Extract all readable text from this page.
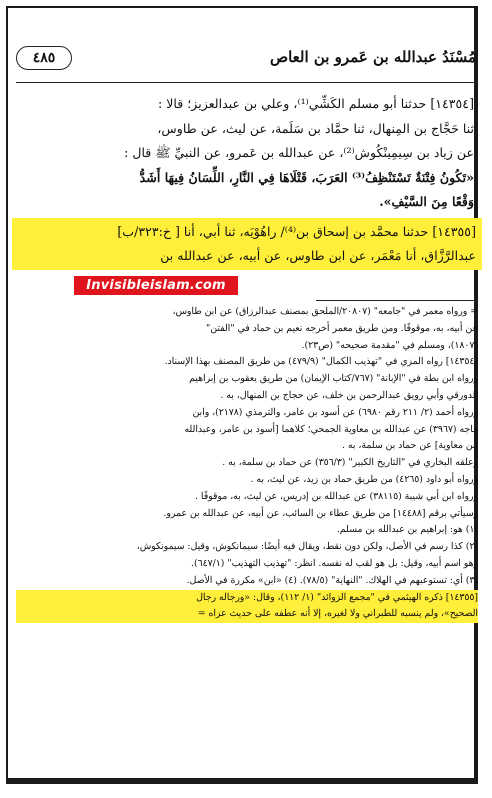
مُسْنَدُ عبدالله بن عَمرو بن العاص
٤٨٥
[١٤٣٥٤] حدثنا أبو مسلم الكَشِّي⁽¹⁾، وعلي بن عبدالعزيز؛ قالا :
ثنا حَجَّاج بن المِنهال، ثنا حمَّاد بن سَلَمة، عن ليث، عن طاوس،
عن زياد بن سِيمِينْكُوش⁽²⁾، عن عبدالله بن عَمرو، عن النبيِّ ﷺ قال :
«تَكُونُ فِتْنَةٌ تَسْتَنْظِفُ⁽³⁾ العَرَبَ، قَتْلَاهَا فِي النَّارِ، اللِّسَانُ فِيهَا أَشَدُّ
وَقْعًا مِنَ السَّيْفِ».
[١٤٣٥٥] حدثنا محمَّد بن إسحاق بن⁽⁴⁾/ راهُوْيَه، ثنا أبي، أنا [ خ:٣٢٣/ب]
عبدالرَّزَّاق، أنا مَعْمَر، عن ابن طاوس، عن أبيه، عن عبدالله بن
Invisibleislam.com
= ورواه معمر في "جامعه" (٢٠٨٠٧/الملحق بمصنف عبدالرزاق) عن ابن طاوس،
عن أبيه، به، موقوفًا. ومن طريق معمر أخرجه نعيم بن حماد في "الفتن"
(١٨٠٧)، ومسلم في "مقدمة صحيحه" (ص٢٣).
[١٤٣٥٤] رواه المزي في "تهذيب الكمال" (٤٧٩/٩) من طريق المصنف بهذا الإسناد.
ورواه ابن بطة في "الإبانة" (٧٦٧/كتاب الإيمان) من طريق يعقوب بن إبراهيم
الدورقي وأبي رويق عبدالرحمن بن خلف، عن حجاج بن المنهال، به .
ورواه أحمد (٢/ ٢١١ رقم ٦٩٨٠) عن أسود بن عامر، والترمذي (٢١٧٨)، وابن
ماجه (٣٩٦٧) عن عبدالله بن معاوية الجمحي؛ كلاهما [أسود بن عامر، وعبدالله
ابن معاوية] عن حماد بن سلمة، به .
وعلقه البخاري في "التاريخ الكبير" (٣٥٦/٣) عن حماد بن سلمة، به .
ورواه أبو داود (٤٢٦٥) من طريق حماد بن زيد، عن ليث، به .
ورواه ابن أبي شيبة (٣٨١١٥) عن عبدالله بن إدريس، عن ليث، به، موقوفًا .
وسيأتي برقم [١٤٤٨٨] من طريق عطاء بن السائب، عن أبيه، عن عبدالله بن عمرو.
(١) هو: إبراهيم بن عبدالله بن مسلم.
(٢) كذا رسم في الأصل، ولكن دون نقط، ويقال فيه أيضًا: سيمانكوش، وقيل: سيمونكوش،
وهو اسم أبيه، وقيل: بل هو لقب له نفسه. انظر: "تهذيب التهذيب" (٦٤٧/١).
(٣) أي: تستوعبهم في الهلاك. "النهاية" (٧٨/٥). (٤) «ابن» مكررة في الأصل.
[١٤٣٥٥] ذكره الهيثمي في "مجمع الزوائد" (١/ ١١٢)، وقال: «ورجاله رجال
الصحيح»، ولم ينسبه للطبراني ولا لغيره، إلا أنه عطفه على حديث عزاه =
